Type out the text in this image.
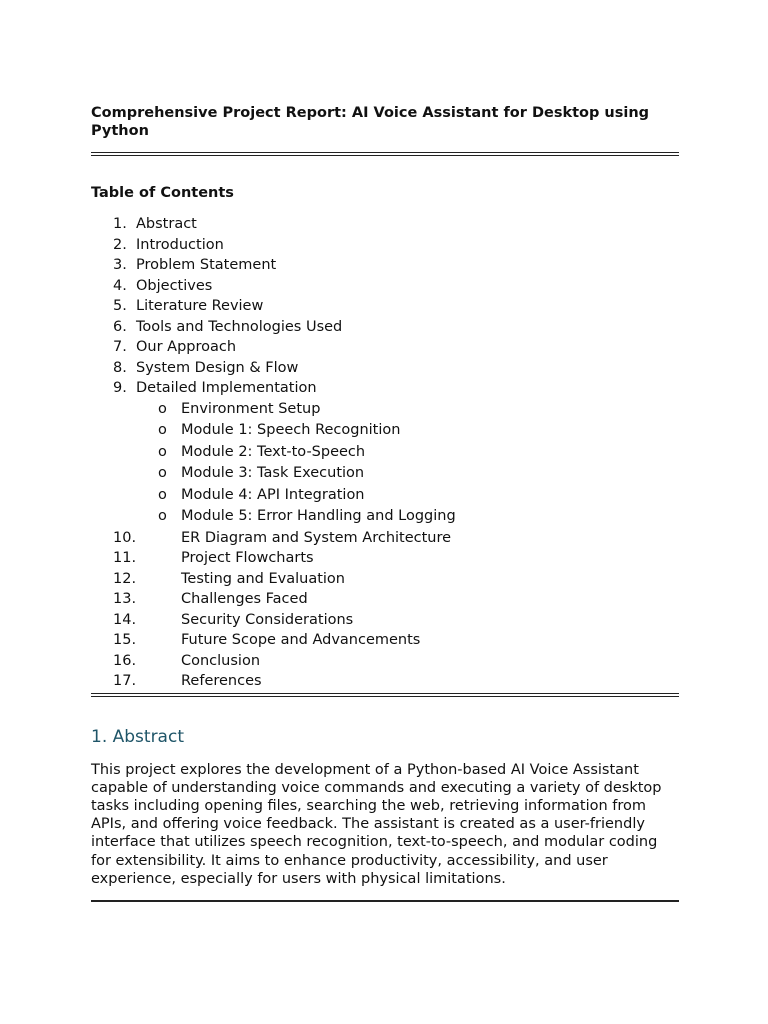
Comprehensive Project Report: AI Voice Assistant for Desktop using Python
Table of Contents
1. Abstract
2. Introduction
3. Problem Statement
4. Objectives
5. Literature Review
6. Tools and Technologies Used
7. Our Approach
8. System Design & Flow
9. Detailed Implementation
o Environment Setup
o Module 1: Speech Recognition
o Module 2: Text-to-Speech
o Module 3: Task Execution
o Module 4: API Integration
o Module 5: Error Handling and Logging
10.	ER Diagram and System Architecture
11.	Project Flowcharts
12.	Testing and Evaluation
13.	Challenges Faced
14.	Security Considerations
15.	Future Scope and Advancements
16.	Conclusion
17.	References
1. Abstract

This project explores the development of a Python-based AI Voice Assistant capable of understanding voice commands and executing a variety of desktop tasks including opening files, searching the web, retrieving information from APIs, and offering voice feedback. The assistant is created as a user-friendly interface that utilizes speech recognition, text-to-speech, and modular coding for extensibility. It aims to enhance productivity, accessibility, and user experience, especially for users with physical limitations.
